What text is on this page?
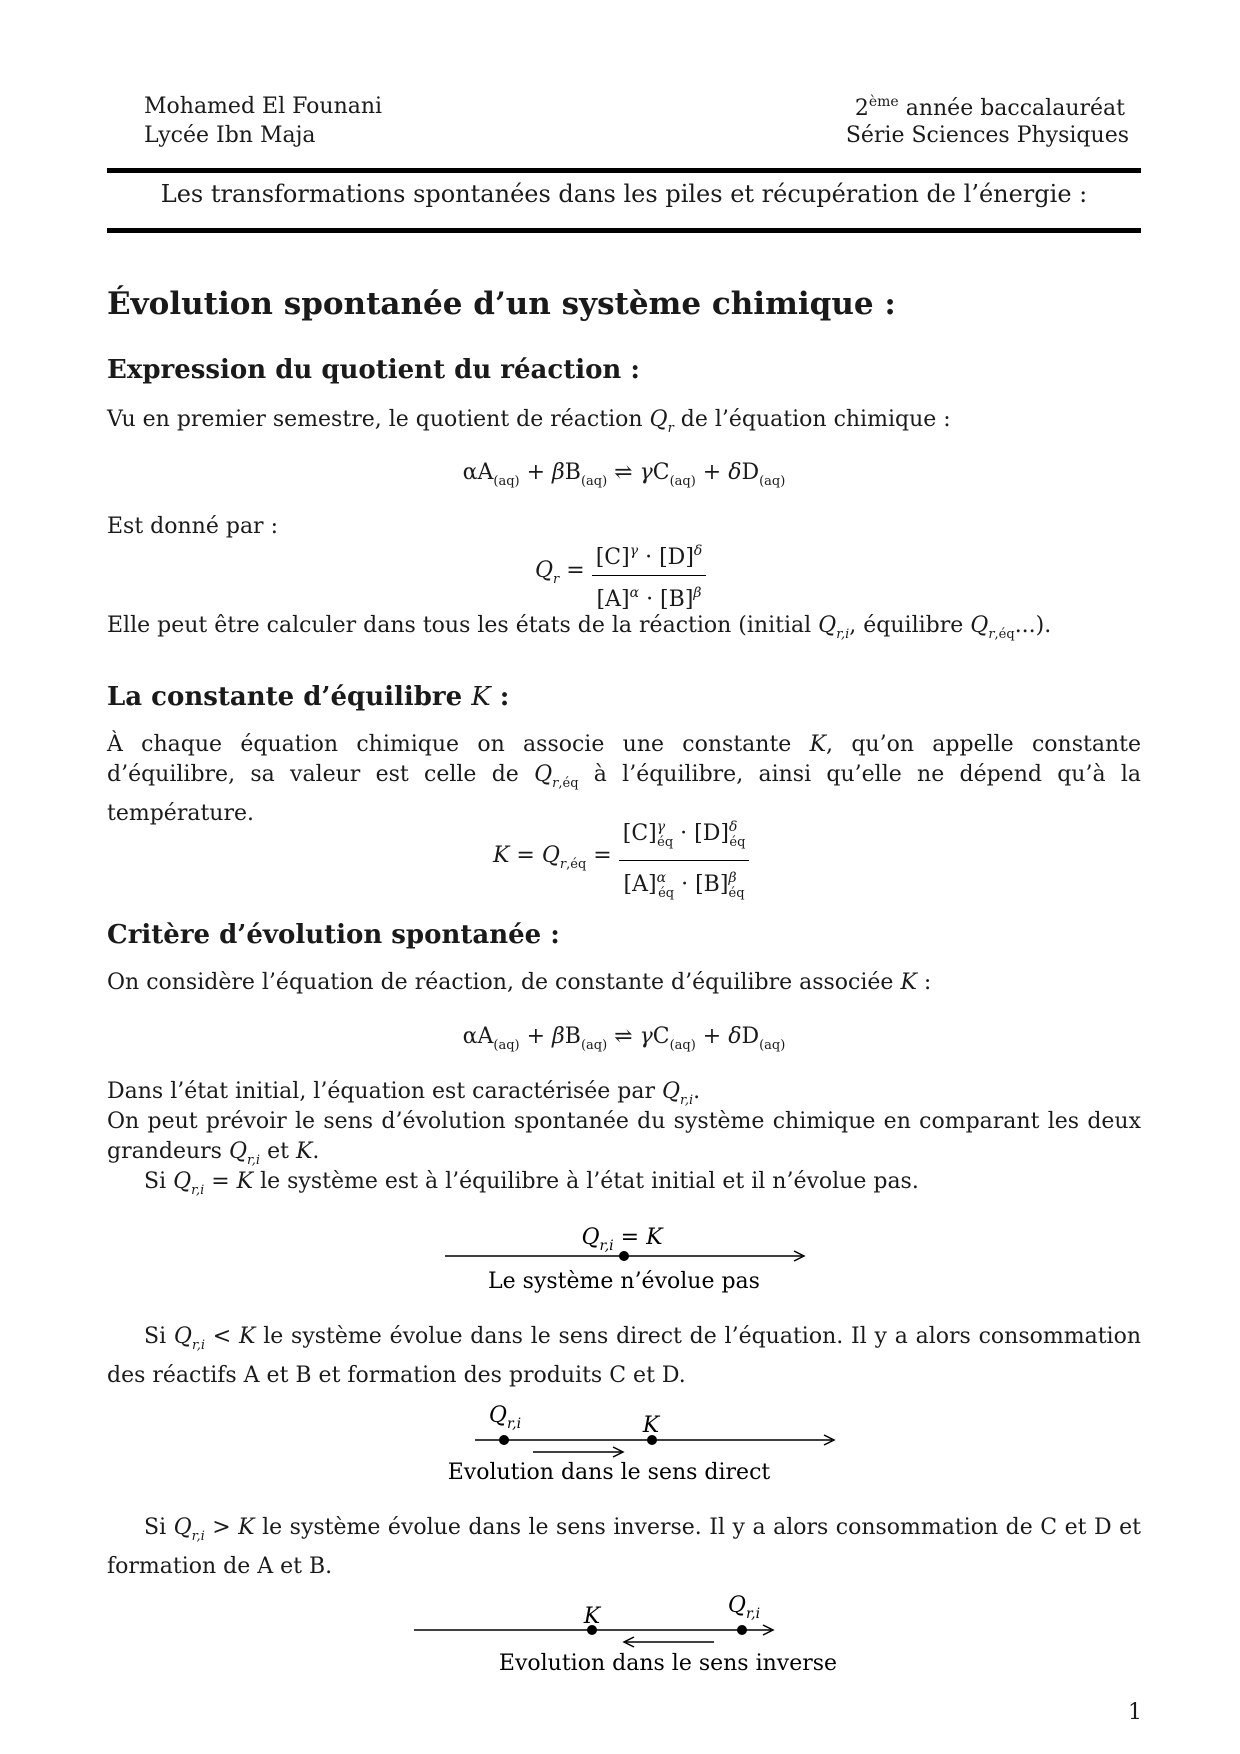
Mohamed El Founani
Lycée Ibn Maja
2ème année baccalauréat
Série Sciences Physiques
Les transformations spontanées dans les piles et récupération de l’énergie :
Évolution spontanée d’un système chimique :
Expression du quotient du réaction :
Vu en premier semestre, le quotient de réaction $Q_r$ de l’équation chimique :
$\alpha A_{(aq)} + \beta B_{(aq)}$ ⇌ $\gamma C_{(aq)} + \delta D_{(aq)}$
Est donné par :
$Q_r = \frac{[C]^\gamma \cdot [D]^\delta}{[A]^\alpha \cdot [B]^\beta}$
Elle peut être calculer dans tous les états de la réaction (initial $Q_{r,i}$, équilibre $Q_{r,éq}$...).
La constante d’équilibre K :
À chaque équation chimique on associe une constante K, qu’on appelle constante d’équilibre, sa valeur est celle de $Q_{r,éq}$ à l’équilibre, ainsi qu’elle ne dépend qu’à la température.
$K = Q_{r,éq} = \frac{[C]^\gamma_{éq} \cdot [D]^\delta_{éq}}{[A]^\alpha_{éq} \cdot [B]^\beta_{éq}}$
Critère d’évolution spontanée :
On considère l’équation de réaction, de constante d’équilibre associée K :
$\alpha A_{(aq)} + \beta B_{(aq)}$ ⇌ $\gamma C_{(aq)} + \delta D_{(aq)}$
Dans l’état initial, l’équation est caractérisée par $Q_{r,i}$.
On peut prévoir le sens d’évolution spontanée du système chimique en comparant les deux grandeurs $Q_{r,i}$ et K.
Si $Q_{r,i} = K$ le système est à l’équilibre à l’état initial et il n’évolue pas.
$Q_{r,i} = K$
Le système n’évolue pas
Si $Q_{r,i} < K$ le système évolue dans le sens direct de l’équation. Il y a alors consommation des réactifs A et B et formation des produits C et D.
$Q_{r,i}$	K
Evolution dans le sens direct
Si $Q_{r,i} > K$ le système évolue dans le sens inverse. Il y a alors consommation de C et D et formation de A et B.
K	$Q_{r,i}$
Evolution dans le sens inverse
1
